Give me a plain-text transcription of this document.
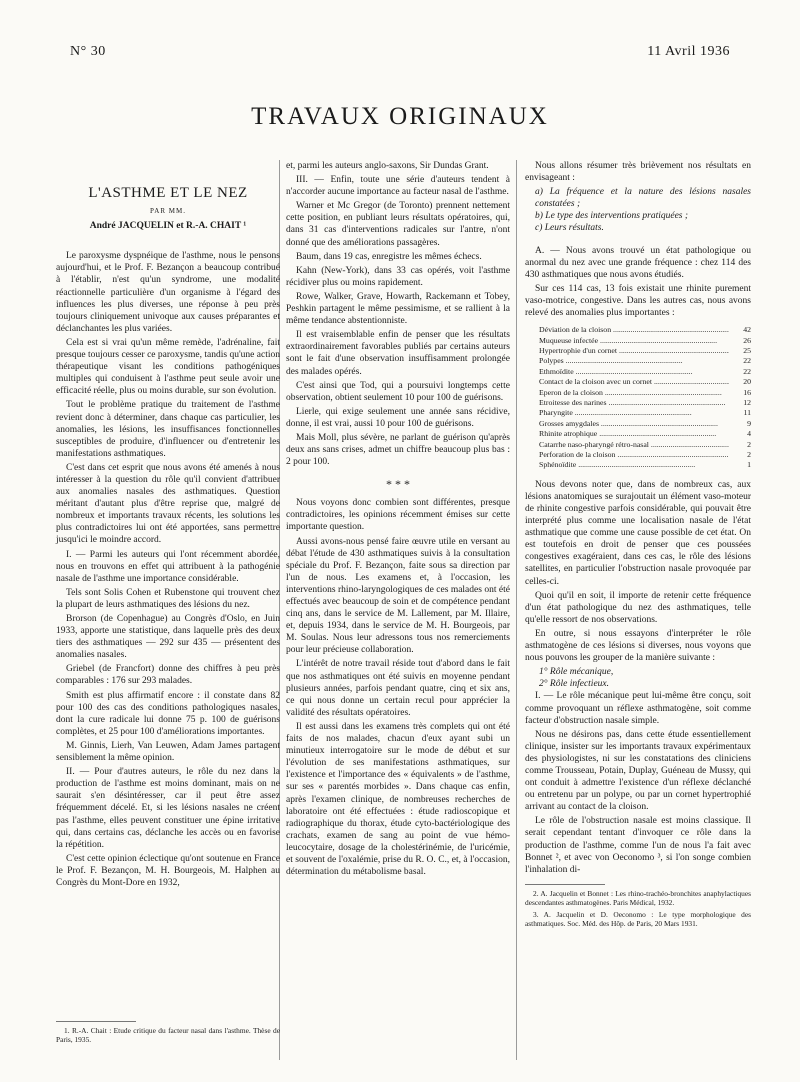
N° 30	11 Avril 1936
TRAVAUX ORIGINAUX
L'ASTHME ET LE NEZ
PAR MM.
André JACQUELIN et R.-A. CHAIT ¹

Le paroxysme dyspnéique de l'asthme, nous le pensons aujourd'hui, et le Prof. F. Bezançon a beaucoup contribué à l'établir, n'est qu'un syndrome, une modalité réactionnelle particulière d'un organisme à l'égard des influences les plus diverses, une réponse à peu près toujours cliniquement univoque aux causes préparantes et déclanchantes les plus variées.

Cela est si vrai qu'un même remède, l'adrénaline, fait presque toujours cesser ce paroxysme, tandis qu'une action thérapeutique visant les conditions pathogéniques multiples qui conduisent à l'asthme peut seule avoir une efficacité réelle, plus ou moins durable, sur son évolution.

Tout le problème pratique du traitement de l'asthme revient donc à déterminer, dans chaque cas particulier, les anomalies, les lésions, les insuffisances fonctionnelles susceptibles de produire, d'influencer ou d'entretenir les manifestations asthmatiques.

C'est dans cet esprit que nous avons été amenés à nous intéresser à la question du rôle qu'il convient d'attribuer aux anomalies nasales des asthmatiques. Question méritant d'autant plus d'être reprise que, malgré de nombreux et importants travaux récents, les solutions les plus contradictoires lui ont été apportées, sans permettre jusqu'ici le moindre accord.

I. — Parmi les auteurs qui l'ont récemment abordée, nous en trouvons en effet qui attribuent à la pathogénie nasale de l'asthme une importance considérable.

Tels sont Solis Cohen et Rubenstone qui trouvent chez la plupart de leurs asthmatiques des lésions du nez.

Brorson (de Copenhague) au Congrès d'Oslo, en Juin 1933, apporte une statistique, dans laquelle près des deux tiers des asthmatiques — 292 sur 435 — présentent des anomalies nasales.

Griebel (de Francfort) donne des chiffres à peu près comparables : 176 sur 293 malades.

Smith est plus affirmatif encore : il constate dans 82 pour 100 des cas des conditions pathologiques nasales, dont la cure radicale lui donne 75 p. 100 de guérisons complètes, et 25 pour 100 d'améliorations importantes.

M. Ginnis, Lierh, Van Leuwen, Adam James partagent sensiblement la même opinion.

II. — Pour d'autres auteurs, le rôle du nez dans la production de l'asthme est moins dominant, mais on ne saurait s'en désintéresser, car il peut être assez fréquemment décelé. Et, si les lésions nasales ne créent pas l'asthme, elles peuvent constituer une épine irritative qui, dans certains cas, déclanche les accès ou en favorise la répétition.

C'est cette opinion éclectique qu'ont soutenue en France le Prof. F. Bezançon, M. H. Bourgeois, M. Halphen au Congrès du Mont-Dore en 1932,

1. R.-A. Chait : Etude critique du facteur nasal dans l'asthme. Thèse de Paris, 1935.

et, parmi les auteurs anglo-saxons, Sir Dundas Grant.

III. — Enfin, toute une série d'auteurs tendent à n'accorder aucune importance au facteur nasal de l'asthme.

Warner et Mc Gregor (de Toronto) prennent nettement cette position, en publiant leurs résultats opératoires, qui, dans 31 cas d'interventions radicales sur l'antre, n'ont donné que des améliorations passagères.

Baum, dans 19 cas, enregistre les mêmes échecs.

Kahn (New-York), dans 33 cas opérés, voit l'asthme récidiver plus ou moins rapidement.

Rowe, Walker, Grave, Howarth, Rackemann et Tobey, Peshkin partagent le même pessimisme, et se rallient à la même tendance abstentionniste.

Il est vraisemblable enfin de penser que les résultats extraordinairement favorables publiés par certains auteurs sont le fait d'une observation insuffisamment prolongée des malades opérés.

C'est ainsi que Tod, qui a poursuivi longtemps cette observation, obtient seulement 10 pour 100 de guérisons.

Lierle, qui exige seulement une année sans récidive, donne, il est vrai, aussi 10 pour 100 de guérisons.

Mais Moll, plus sévère, ne parlant de guérison qu'après deux ans sans crises, admet un chiffre beaucoup plus bas : 2 pour 100.

* * *

Nous voyons donc combien sont différentes, presque contradictoires, les opinions récemment émises sur cette importante question.

Aussi avons-nous pensé faire œuvre utile en versant au débat l'étude de 430 asthmatiques suivis à la consultation spéciale du Prof. F. Bezançon, faite sous sa direction par l'un de nous. Les examens et, à l'occasion, les interventions rhino-laryngologiques de ces malades ont été effectués avec beaucoup de soin et de compétence pendant cinq ans, dans le service de M. Lallement, par M. Illaire, et, depuis 1934, dans le service de M. H. Bourgeois, par M. Soulas. Nous leur adressons tous nos remerciements pour leur précieuse collaboration.

L'intérêt de notre travail réside tout d'abord dans le fait que nos asthmatiques ont été suivis en moyenne pendant plusieurs années, parfois pendant quatre, cinq et six ans, ce qui nous donne un certain recul pour apprécier la validité des résultats opératoires.

Il est aussi dans les examens très complets qui ont été faits de nos malades, chacun d'eux ayant subi un minutieux interrogatoire sur le mode de début et sur l'évolution de ses manifestations asthmatiques, sur l'existence et l'importance des « équivalents » de l'asthme, sur ses « parentés morbides ». Dans chaque cas enfin, après l'examen clinique, de nombreuses recherches de laboratoire ont été effectuées : étude radioscopique et radiographique du thorax, étude cyto-bactériologique des crachats, examen de sang au point de vue hémo-leucocytaire, dosage de la cholestérinémie, de l'uricémie, et souvent de l'oxalémie, prise du R. O. C., et, à l'occasion, détermination du métabolisme basal.

Nous allons résumer très brièvement nos résultats en envisageant :

a) La fréquence et la nature des lésions nasales constatées ;
b) Le type des interventions pratiquées ;
c) Leurs résultats.

A. — Nous avons trouvé un état pathologique ou anormal du nez avec une grande fréquence : chez 114 des 430 asthmatiques que nous avons étudiés.

Sur ces 114 cas, 13 fois existait une rhinite purement vaso-motrice, congestive. Dans les autres cas, nous avons relevé des anomalies plus importantes :

Déviation de la cloison .....	42
Muqueuse infectée .....	26
Hypertrophie d'un cornet .....	25
Polypes .....	22
Ethmoïdite .....	22
Contact de la cloison avec un cornet .....	20
Eperon de la cloison .....	16
Etroitesse des narines .....	12
Pharyngite .....	11
Grosses amygdales .....	9
Rhinite atrophique .....	4
Catarrhe naso-pharyngé rétro-nasal .....	2
Perforation de la cloison .....	2
Sphénoïdite .....	1

Nous devons noter que, dans de nombreux cas, aux lésions anatomiques se surajoutait un élément vaso-moteur de rhinite congestive parfois considérable, qui pouvait être interprété plus comme une localisation nasale de l'état asthmatique que comme une cause possible de cet état. On est toutefois en droit de penser que ces poussées congestives exagéraient, dans ces cas, le rôle des lésions satellites, en particulier l'obstruction nasale provoquée par celles-ci.

Quoi qu'il en soit, il importe de retenir cette fréquence d'un état pathologique du nez des asthmatiques, telle qu'elle ressort de nos observations.

En outre, si nous essayons d'interpréter le rôle asthmatogène de ces lésions si diverses, nous voyons que nous pouvons les grouper de la manière suivante :

1° Rôle mécanique,
2° Rôle infectieux.

I. — Le rôle mécanique peut lui-même être conçu, soit comme provoquant un réflexe asthmatogène, soit comme facteur d'obstruction nasale simple.

Nous ne désirons pas, dans cette étude essentiellement clinique, insister sur les importants travaux expérimentaux des physiologistes, ni sur les constatations des cliniciens comme Trousseau, Potain, Duplay, Guéneau de Mussy, qui ont conduit à admettre l'existence d'un réflexe déclanché ou entretenu par un polype, ou par un cornet hypertrophié arrivant au contact de la cloison.

Le rôle de l'obstruction nasale est moins classique. Il serait cependant tentant d'invoquer ce rôle dans la production de l'asthme, comme l'un de nous l'a fait avec Bonnet ², et avec von Oeconomo ³, si l'on songe combien l'inhalation di-

2. A. Jacquelin et Bonnet : Les rhino-trachéo-bronchites anaphylactiques descendantes asthmatogènes. Paris Médical, 1932.
3. A. Jacquelin et D. Oeconomo : Le type morphologique des asthmatiques. Soc. Méd. des Hôp. de Paris, 20 Mars 1931.
